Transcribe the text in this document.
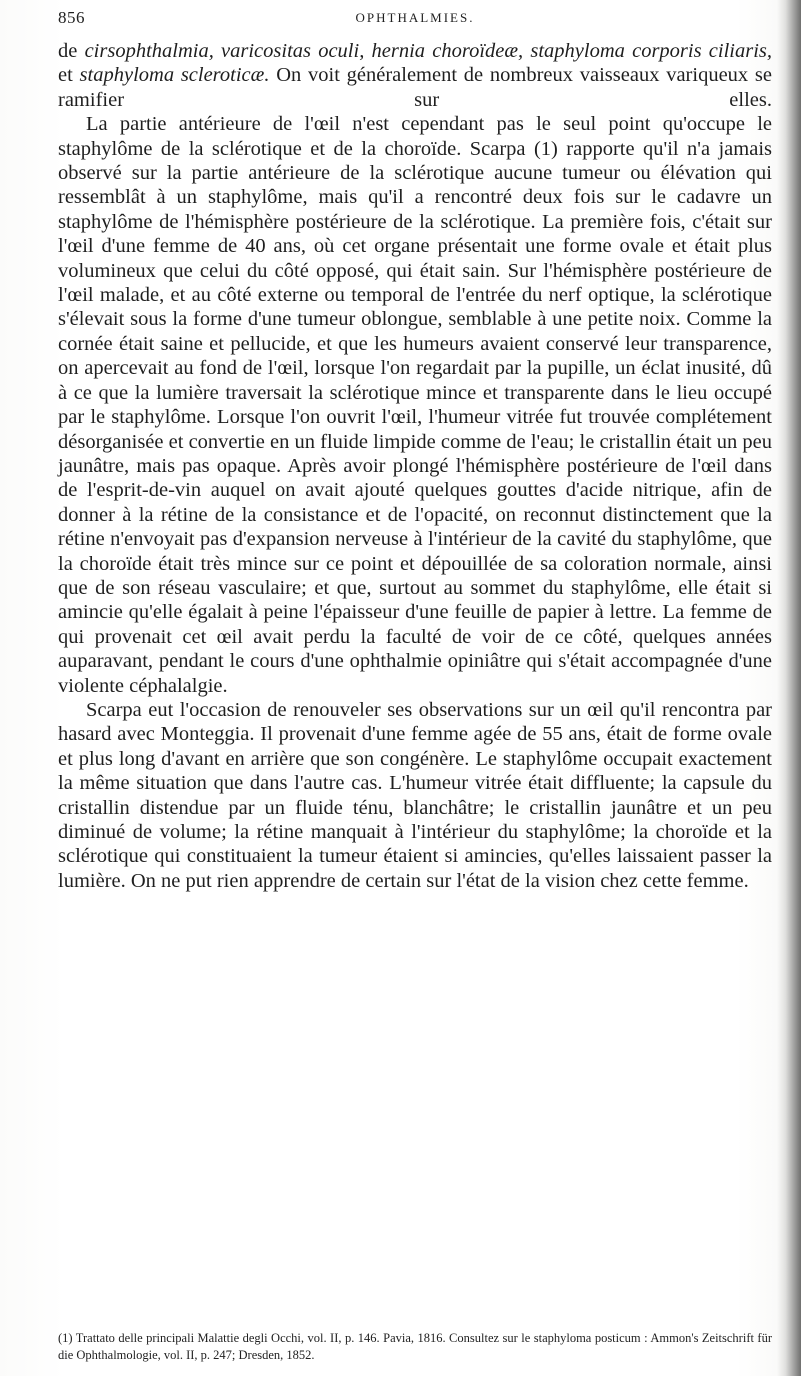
856	OPHTHALMIES.

de cirsophthalmia, varicositas oculi, hernia choroïdeæ, staphyloma corporis ciliaris, et staphyloma scleroticæ. On voit généralement de nombreux vaisseaux variqueux se ramifier sur elles.

La partie antérieure de l'œil n'est cependant pas le seul point qu'occupe le staphylôme de la sclérotique et de la choroïde. Scarpa (1) rapporte qu'il n'a jamais observé sur la partie antérieure de la sclérotique aucune tumeur ou élévation qui ressemblât à un staphylôme, mais qu'il a rencontré deux fois sur le cadavre un staphylôme de l'hémisphère postérieure de la sclérotique. La première fois, c'était sur l'œil d'une femme de 40 ans, où cet organe présentait une forme ovale et était plus volumineux que celui du côté opposé, qui était sain. Sur l'hémisphère postérieure de l'œil malade, et au côté externe ou temporal de l'entrée du nerf optique, la sclérotique s'élevait sous la forme d'une tumeur oblongue, semblable à une petite noix. Comme la cornée était saine et pellucide, et que les humeurs avaient conservé leur transparence, on apercevait au fond de l'œil, lorsque l'on regardait par la pupille, un éclat inusité, dû à ce que la lumière traversait la sclérotique mince et transparente dans le lieu occupé par le staphylôme. Lorsque l'on ouvrit l'œil, l'humeur vitrée fut trouvée complétement désorganisée et convertie en un fluide limpide comme de l'eau; le cristallin était un peu jaunâtre, mais pas opaque. Après avoir plongé l'hémisphère postérieure de l'œil dans de l'esprit-de-vin auquel on avait ajouté quelques gouttes d'acide nitrique, afin de donner à la rétine de la consistance et de l'opacité, on reconnut distinctement que la rétine n'envoyait pas d'expansion nerveuse à l'intérieur de la cavité du staphylôme, que la choroïde était très mince sur ce point et dépouillée de sa coloration normale, ainsi que de son réseau vasculaire; et que, surtout au sommet du staphylôme, elle était si amincie qu'elle égalait à peine l'épaisseur d'une feuille de papier à lettre. La femme de qui provenait cet œil avait perdu la faculté de voir de ce côté, quelques années auparavant, pendant le cours d'une ophthalmie opiniâtre qui s'était accompagnée d'une violente céphalalgie.

Scarpa eut l'occasion de renouveler ses observations sur un œil qu'il rencontra par hasard avec Monteggia. Il provenait d'une femme agée de 55 ans, était de forme ovale et plus long d'avant en arrière que son congénère. Le staphylôme occupait exactement la même situation que dans l'autre cas. L'humeur vitrée était diffluente; la capsule du cristallin distendue par un fluide ténu, blanchâtre; le cristallin jaunâtre et un peu diminué de volume; la rétine manquait à l'intérieur du staphylôme; la choroïde et la sclérotique qui constituaient la tumeur étaient si amincies, qu'elles laissaient passer la lumière. On ne put rien apprendre de certain sur l'état de la vision chez cette femme.

(1) Trattato delle principali Malattie degli Occhi, vol. II, p. 146. Pavia, 1816. Consultez sur le staphyloma posticum : Ammon's Zeitschrift für die Ophthalmologie, vol. II, p. 247; Dresden, 1852.
